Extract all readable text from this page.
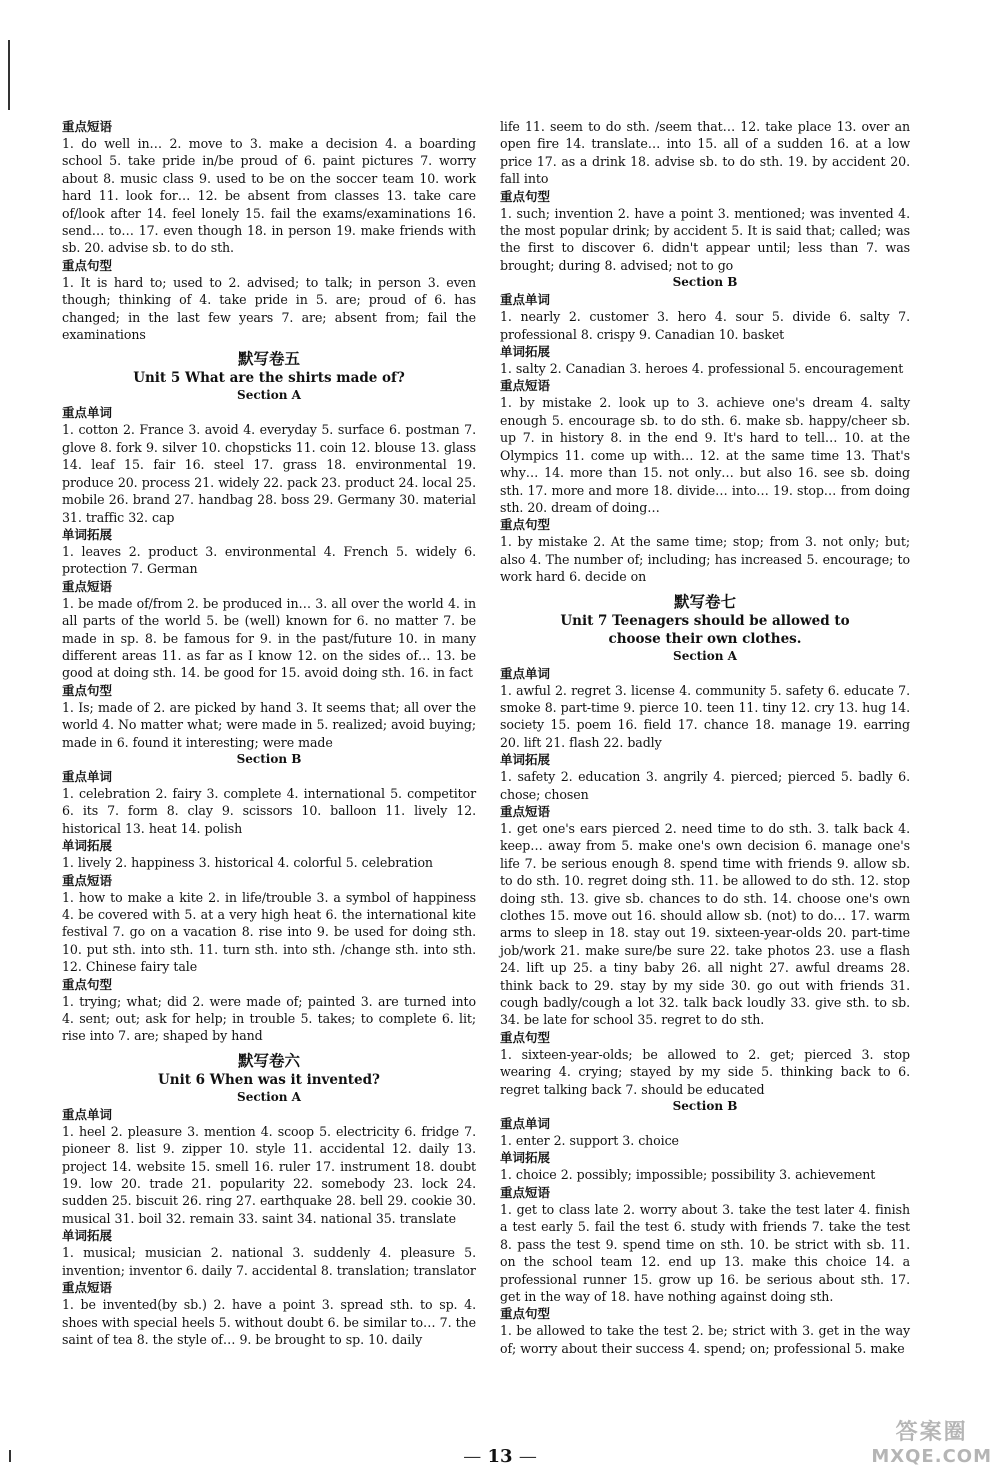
重点短语

1. do well in… 2. move to 3. make a decision 4. a boarding school 5. take pride in/be proud of 6. paint pictures 7. worry about 8. music class 9. used to be on the soccer team 10. work hard 11. look for… 12. be absent from classes 13. take care of/look after 14. feel lonely 15. fail the exams/examinations 16. send… to… 17. even though 18. in person 19. make friends with sb. 20. advise sb. to do sth.

重点句型

1. It is hard to; used to 2. advised; to talk; in person 3. even though; thinking of 4. take pride in 5. are; proud of 6. has changed; in the last few years 7. are; absent from; fail the examinations

默写卷五

Unit 5 What are the shirts made of?

Section A

重点单词

1. cotton 2. France 3. avoid 4. everyday 5. surface 6. postman 7. glove 8. fork 9. silver 10. chopsticks 11. coin 12. blouse 13. glass 14. leaf 15. fair 16. steel 17. grass 18. environmental 19. produce 20. process 21. widely 22. pack 23. product 24. local 25. mobile 26. brand 27. handbag 28. boss 29. Germany 30. material 31. traffic 32. cap

单词拓展

1. leaves 2. product 3. environmental 4. French 5. widely 6. protection 7. German

重点短语

1. be made of/from 2. be produced in… 3. all over the world 4. in all parts of the world 5. be (well) known for 6. no matter 7. be made in sp. 8. be famous for 9. in the past/future 10. in many different areas 11. as far as I know 12. on the sides of… 13. be good at doing sth. 14. be good for 15. avoid doing sth. 16. in fact

重点句型

1. Is; made of 2. are picked by hand 3. It seems that; all over the world 4. No matter what; were made in 5. realized; avoid buying; made in 6. found it interesting; were made

Section B

重点单词

1. celebration 2. fairy 3. complete 4. international 5. competitor 6. its 7. form 8. clay 9. scissors 10. balloon 11. lively 12. historical 13. heat 14. polish

单词拓展

1. lively 2. happiness 3. historical 4. colorful 5. celebration

重点短语

1. how to make a kite 2. in life/trouble 3. a symbol of happiness 4. be covered with 5. at a very high heat 6. the international kite festival 7. go on a vacation 8. rise into 9. be used for doing sth. 10. put sth. into sth. 11. turn sth. into sth. /change sth. into sth. 12. Chinese fairy tale

重点句型

1. trying; what; did 2. were made of; painted 3. are turned into 4. sent; out; ask for help; in trouble 5. takes; to complete 6. lit; rise into 7. are; shaped by hand

默写卷六

Unit 6 When was it invented?

Section A

重点单词

1. heel 2. pleasure 3. mention 4. scoop 5. electricity 6. fridge 7. pioneer 8. list 9. zipper 10. style 11. accidental 12. daily 13. project 14. website 15. smell 16. ruler 17. instrument 18. doubt 19. low 20. trade 21. popularity 22. somebody 23. lock 24. sudden 25. biscuit 26. ring 27. earthquake 28. bell 29. cookie 30. musical 31. boil 32. remain 33. saint 34. national 35. translate

单词拓展

1. musical; musician 2. national 3. suddenly 4. pleasure 5. invention; inventor 6. daily 7. accidental 8. translation; translator

重点短语

1. be invented(by sb.) 2. have a point 3. spread sth. to sp. 4. shoes with special heels 5. without doubt 6. be similar to… 7. the saint of tea 8. the style of… 9. be brought to sp. 10. daily

life 11. seem to do sth. /seem that… 12. take place 13. over an open fire 14. translate… into 15. all of a sudden 16. at a low price 17. as a drink 18. advise sb. to do sth. 19. by accident 20. fall into

重点句型

1. such; invention 2. have a point 3. mentioned; was invented 4. the most popular drink; by accident 5. It is said that; called; was the first to discover 6. didn't appear until; less than 7. was brought; during 8. advised; not to go

Section B

重点单词

1. nearly 2. customer 3. hero 4. sour 5. divide 6. salty 7. professional 8. crispy 9. Canadian 10. basket

单词拓展

1. salty 2. Canadian 3. heroes 4. professional 5. encouragement

重点短语

1. by mistake 2. look up to 3. achieve one's dream 4. salty enough 5. encourage sb. to do sth. 6. make sb. happy/cheer sb. up 7. in history 8. in the end 9. It's hard to tell… 10. at the Olympics 11. come up with… 12. at the same time 13. That's why… 14. more than 15. not only… but also 16. see sb. doing sth. 17. more and more 18. divide… into… 19. stop… from doing sth. 20. dream of doing…

重点句型

1. by mistake 2. At the same time; stop; from 3. not only; but; also 4. The number of; including; has increased 5. encourage; to work hard 6. decide on

默写卷七

Unit 7 Teenagers should be allowed to

choose their own clothes.

Section A

重点单词

1. awful 2. regret 3. license 4. community 5. safety 6. educate 7. smoke 8. part-time 9. pierce 10. teen 11. tiny 12. cry 13. hug 14. society 15. poem 16. field 17. chance 18. manage 19. earring 20. lift 21. flash 22. badly

单词拓展

1. safety 2. education 3. angrily 4. pierced; pierced 5. badly 6. chose; chosen

重点短语

1. get one's ears pierced 2. need time to do sth. 3. talk back 4. keep… away from 5. make one's own decision 6. manage one's life 7. be serious enough 8. spend time with friends 9. allow sb. to do sth. 10. regret doing sth. 11. be allowed to do sth. 12. stop doing sth. 13. give sb. chances to do sth. 14. choose one's own clothes 15. move out 16. should allow sb. (not) to do… 17. warm arms to sleep in 18. stay out 19. sixteen-year-olds 20. part-time job/work 21. make sure/be sure 22. take photos 23. use a flash 24. lift up 25. a tiny baby 26. all night 27. awful dreams 28. think back to 29. stay by my side 30. go out with friends 31. cough badly/cough a lot 32. talk back loudly 33. give sth. to sb. 34. be late for school 35. regret to do sth.

重点句型

1. sixteen-year-olds; be allowed to 2. get; pierced 3. stop wearing 4. crying; stayed by my side 5. thinking back to 6. regret talking back 7. should be educated

Section B

重点单词

1. enter 2. support 3. choice

单词拓展

1. choice 2. possibly; impossible; possibility 3. achievement

重点短语

1. get to class late 2. worry about 3. take the test later 4. finish a test early 5. fail the test 6. study with friends 7. take the test 8. pass the test 9. spend time on sth. 10. be strict with sb. 11. on the school team 12. end up 13. make this choice 14. a professional runner 15. grow up 16. be serious about sth. 17. get in the way of 18. have nothing against doing sth.

重点句型

1. be allowed to take the test 2. be; strict with 3. get in the way of; worry about their success 4. spend; on; professional 5. make

— 13 —
答案圈
MXQE.COM
